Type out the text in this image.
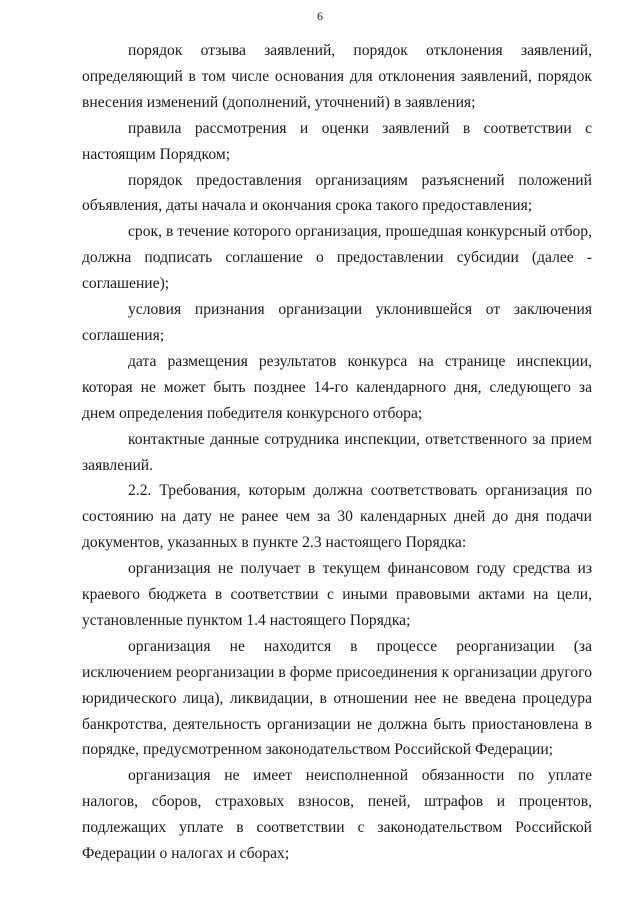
6

порядок отзыва заявлений, порядок отклонения заявлений, определяющий в том числе основания для отклонения заявлений, порядок внесения изменений (дополнений, уточнений) в заявления;

правила рассмотрения и оценки заявлений в соответствии с настоящим Порядком;

порядок предоставления организациям разъяснений положений объявления, даты начала и окончания срока такого предоставления;

срок, в течение которого организация, прошедшая конкурсный отбор, должна подписать соглашение о предоставлении субсидии (далее - соглашение);

условия признания организации уклонившейся от заключения соглашения;

дата размещения результатов конкурса на странице инспекции, которая не может быть позднее 14-го календарного дня, следующего за днем определения победителя конкурсного отбора;

контактные данные сотрудника инспекции, ответственного за прием заявлений.

2.2. Требования, которым должна соответствовать организация по состоянию на дату не ранее чем за 30 календарных дней до дня подачи документов, указанных в пункте 2.3 настоящего Порядка:

организация не получает в текущем финансовом году средства из краевого бюджета в соответствии с иными правовыми актами на цели, установленные пунктом 1.4 настоящего Порядка;

организация не находится в процессе реорганизации (за исключением реорганизации в форме присоединения к организации другого юридического лица), ликвидации, в отношении нее не введена процедура банкротства, деятельность организации не должна быть приостановлена в порядке, предусмотренном законодательством Российской Федерации;

организация не имеет неисполненной обязанности по уплате налогов, сборов, страховых взносов, пеней, штрафов и процентов, подлежащих уплате в соответствии с законодательством Российской Федерации о налогах и сборах;
